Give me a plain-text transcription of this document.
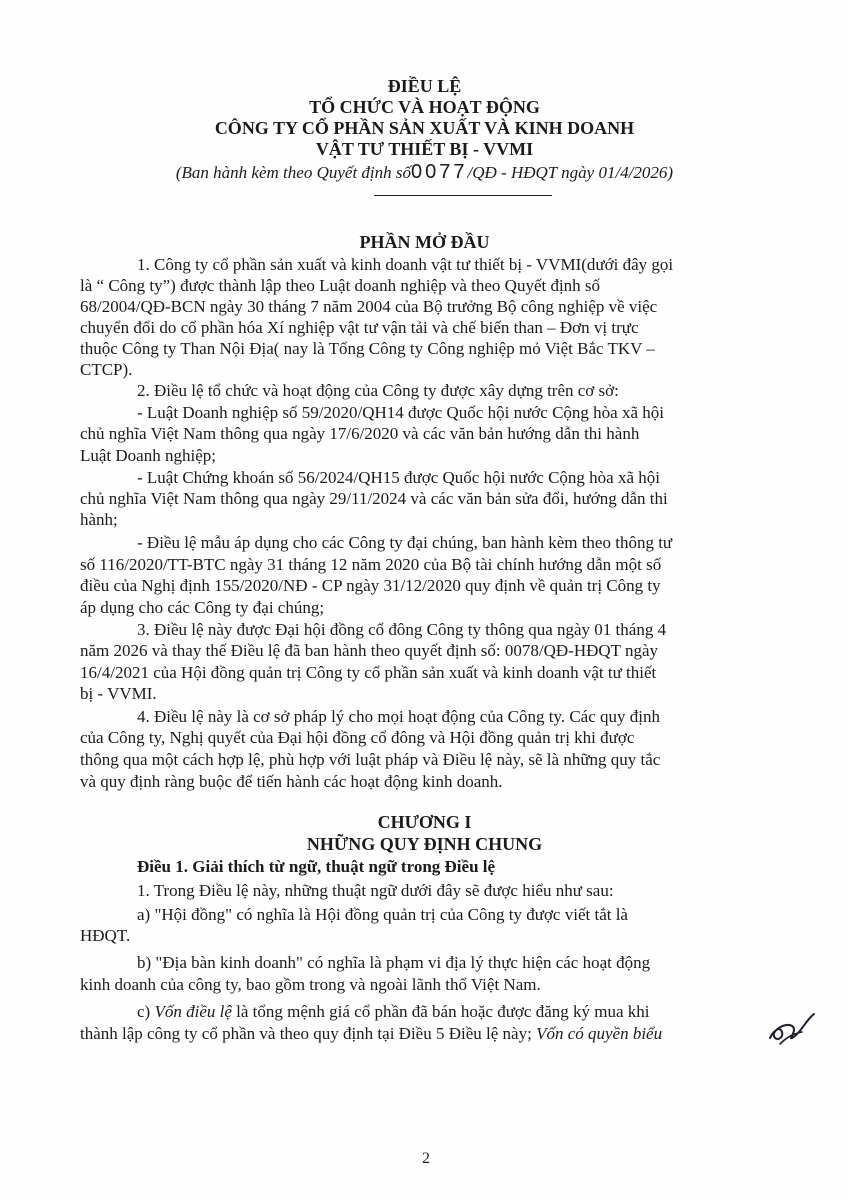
ĐIỀU LỆ
TỔ CHỨC VÀ HOẠT ĐỘNG
CÔNG TY CỔ PHẦN SẢN XUẤT VÀ KINH DOANH
VẬT TƯ THIẾT BỊ - VVMI
(Ban hành kèm theo Quyết định số0077/QĐ - HĐQT ngày 01/4/2026)
PHẦN MỞ ĐẦU
1. Công ty cổ phần sản xuất và kinh doanh vật tư thiết bị - VVMI(dưới đây gọi
là “ Công ty”) được thành lập theo Luật doanh nghiệp và theo Quyết định số
68/2004/QĐ-BCN ngày 30 tháng 7 năm 2004 của Bộ trưởng Bộ công nghiệp về việc
chuyển đổi do cổ phần hóa Xí nghiệp vật tư vận tải và chế biến than – Đơn vị trực
thuộc Công ty Than Nội Địa( nay là Tổng Công ty Công nghiệp mỏ Việt Bắc TKV –
CTCP).
2. Điều lệ tổ chức và hoạt động của Công ty được xây dựng trên cơ sở:
- Luật Doanh nghiệp số 59/2020/QH14 được Quốc hội nước Cộng hòa xã hội
chủ nghĩa Việt Nam thông qua ngày 17/6/2020 và các văn bản hướng dẫn thi hành
Luật Doanh nghiệp;
- Luật Chứng khoán số 56/2024/QH15 được Quốc hội nước Cộng hòa xã hội
chủ nghĩa Việt Nam thông qua ngày 29/11/2024 và các văn bản sửa đổi, hướng dẫn thi
hành;
- Điều lệ mẫu áp dụng cho các Công ty đại chúng, ban hành kèm theo thông tư
số 116/2020/TT-BTC ngày 31 tháng 12 năm 2020 của Bộ tài chính hướng dẫn một số
điều của Nghị định 155/2020/NĐ - CP ngày 31/12/2020 quy định về quản trị Công ty
áp dụng cho các Công ty đại chúng;
3. Điều lệ này được Đại hội đồng cổ đông Công ty thông qua ngày 01 tháng 4
năm 2026 và thay thế Điều lệ đã ban hành theo quyết định số: 0078/QĐ-HĐQT ngày
16/4/2021 của Hội đồng quản trị Công ty cổ phần sản xuất và kinh doanh vật tư thiết
bị - VVMI.
4. Điều lệ này là cơ sở pháp lý cho mọi hoạt động của Công ty. Các quy định
của Công ty, Nghị quyết của Đại hội đồng cổ đông và Hội đồng quản trị khi được
thông qua một cách hợp lệ, phù hợp với luật pháp và Điều lệ này, sẽ là những quy tắc
và quy định ràng buộc để tiến hành các hoạt động kinh doanh.
CHƯƠNG I
NHỮNG QUY ĐỊNH CHUNG
Điều 1. Giải thích từ ngữ, thuật ngữ trong Điều lệ
1. Trong Điều lệ này, những thuật ngữ dưới đây sẽ được hiểu như sau:
a) "Hội đồng" có nghĩa là Hội đồng quản trị của Công ty được viết tắt là
HĐQT.
b) "Địa bàn kinh doanh" có nghĩa là phạm vi địa lý thực hiện các hoạt động
kinh doanh của công ty, bao gồm trong và ngoài lãnh thổ Việt Nam.
c) Vốn điều lệ là tổng mệnh giá cổ phần đã bán hoặc được đăng ký mua khi
thành lập công ty cổ phần và theo quy định tại Điều 5 Điều lệ này; Vốn có quyền biểu
2
